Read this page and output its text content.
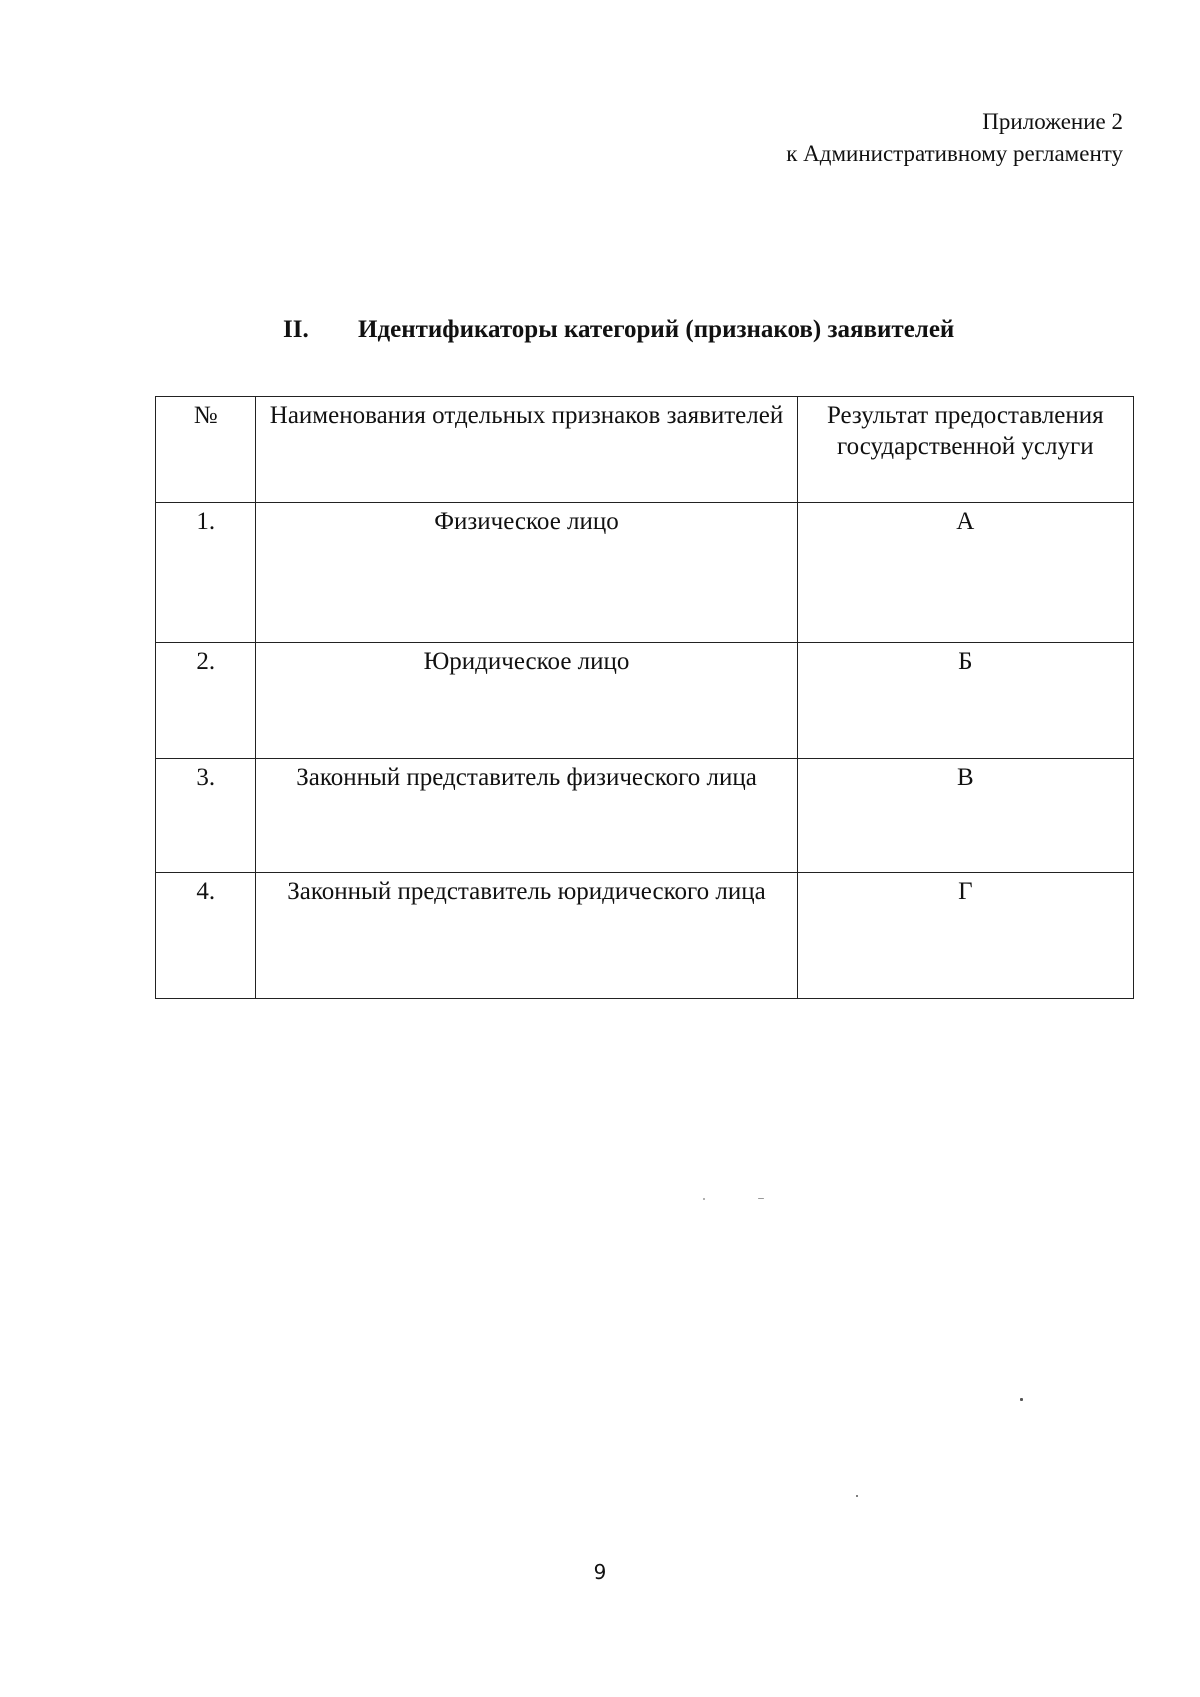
Приложение 2
к Административному регламенту
II. Идентификаторы категорий (признаков) заявителей
№	Наименования отдельных признаков заявителей	Результат предоставления государственной услуги
1.	Физическое лицо	А
2.	Юридическое лицо	Б
3.	Законный представитель физического лица	В
4.	Законный представитель юридического лица	Г
9
